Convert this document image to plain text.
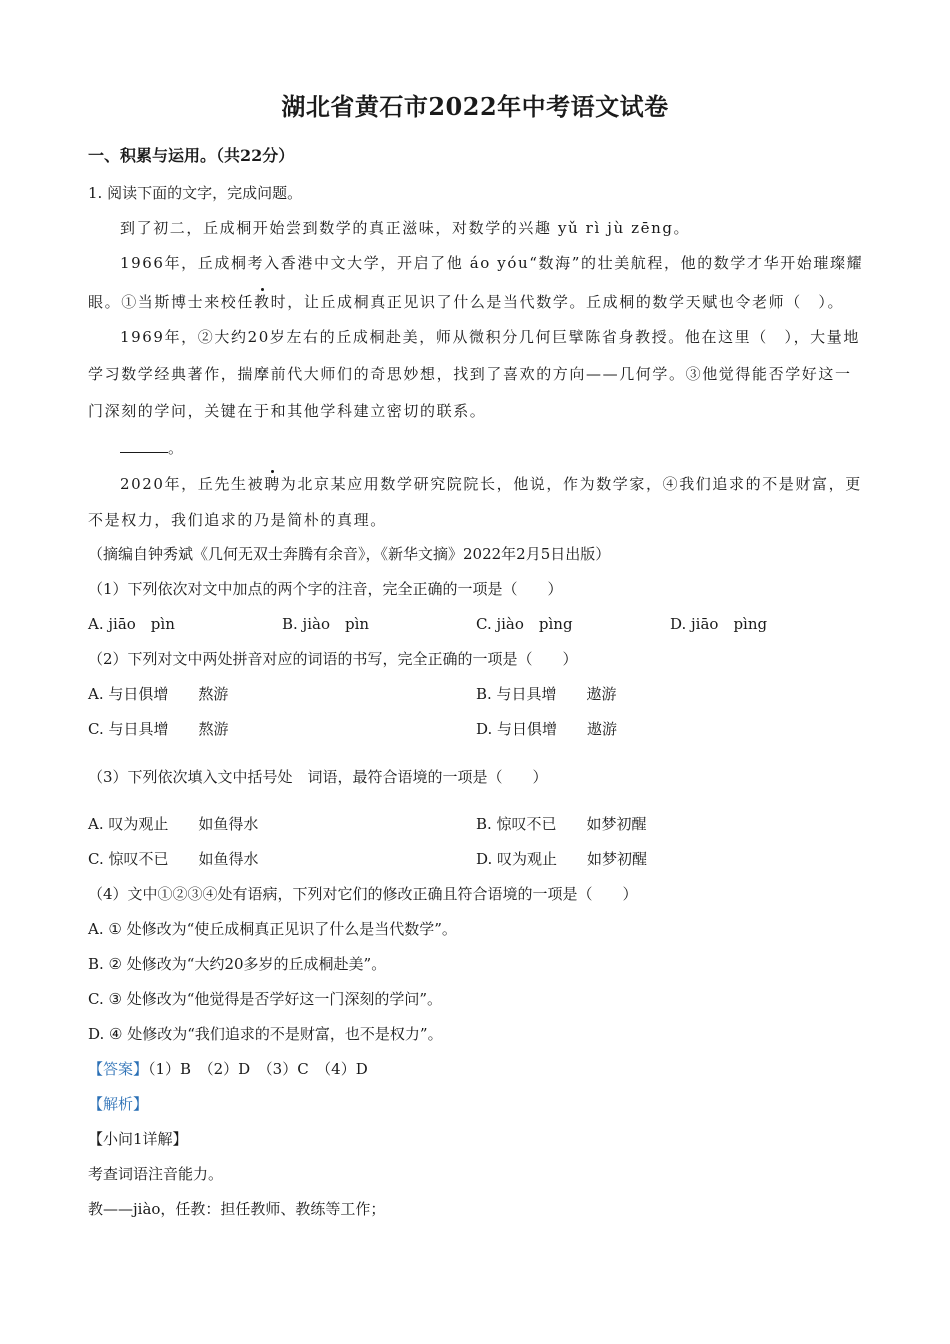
湖北省黄石市2022年中考语文试卷
一、积累与运用。（共22分）
1. 阅读下面的文字，完成问题。
到了初二，丘成桐开始尝到数学的真正滋味，对数学的兴趣 yǔ rì jù zēng。
1966年，丘成桐考入香港中文大学，开启了他 áo yóu“数海”的壮美航程，他的数学才华开始璀璨耀
眼。①当斯博士来校任教时，让丘成桐真正见识了什么是当代数学。丘成桐的数学天赋也令老师（　）。
1969年，②大约20岁左右的丘成桐赴美，师从微积分几何巨擘陈省身教授。他在这里（　），大量地
学习数学经典著作，揣摩前代大师们的奇思妙想，找到了喜欢的方向——几何学。③他觉得能否学好这一
门深刻的学问，关键在于和其他学科建立密切的联系。
。
2020年，丘先生被聘为北京某应用数学研究院院长，他说，作为数学家，④我们追求的不是财富，更
不是权力，我们追求的乃是简朴的真理。
（摘编自钟秀斌《几何无双士奔腾有余音》，《新华文摘》2022年2月5日出版）
（1）下列依次对文中加点的两个字的注音，完全正确的一项是（　　）
A. jiāo　pìn	B. jiào　pìn	C. jiào　pìng	D. jiāo　pìng
（2）下列对文中两处拼音对应的词语的书写，完全正确的一项是（　　）
A. 与日俱增　　熬游	B. 与日具增　　遨游
C. 与日具增　　熬游	D. 与日俱增　　遨游
（3）下列依次填入文中括号处　词语，最符合语境的一项是（　　）
A. 叹为观止　　如鱼得水	B. 惊叹不已　　如梦初醒
C. 惊叹不已　　如鱼得水	D. 叹为观止　　如梦初醒
（4）文中①②③④处有语病，下列对它们的修改正确且符合语境的一项是（　　）
A. ① 处修改为“使丘成桐真正见识了什么是当代数学”。
B. ② 处修改为“大约20多岁的丘成桐赴美”。
C. ③ 处修改为“他觉得是否学好这一门深刻的学问”。
D. ④ 处修改为“我们追求的不是财富，也不是权力”。
【答案】（1）B　（2）D　（3）C　（4）D
【解析】
【小问1详解】
考查词语注音能力。
教——jiào，任教：担任教师、教练等工作；
